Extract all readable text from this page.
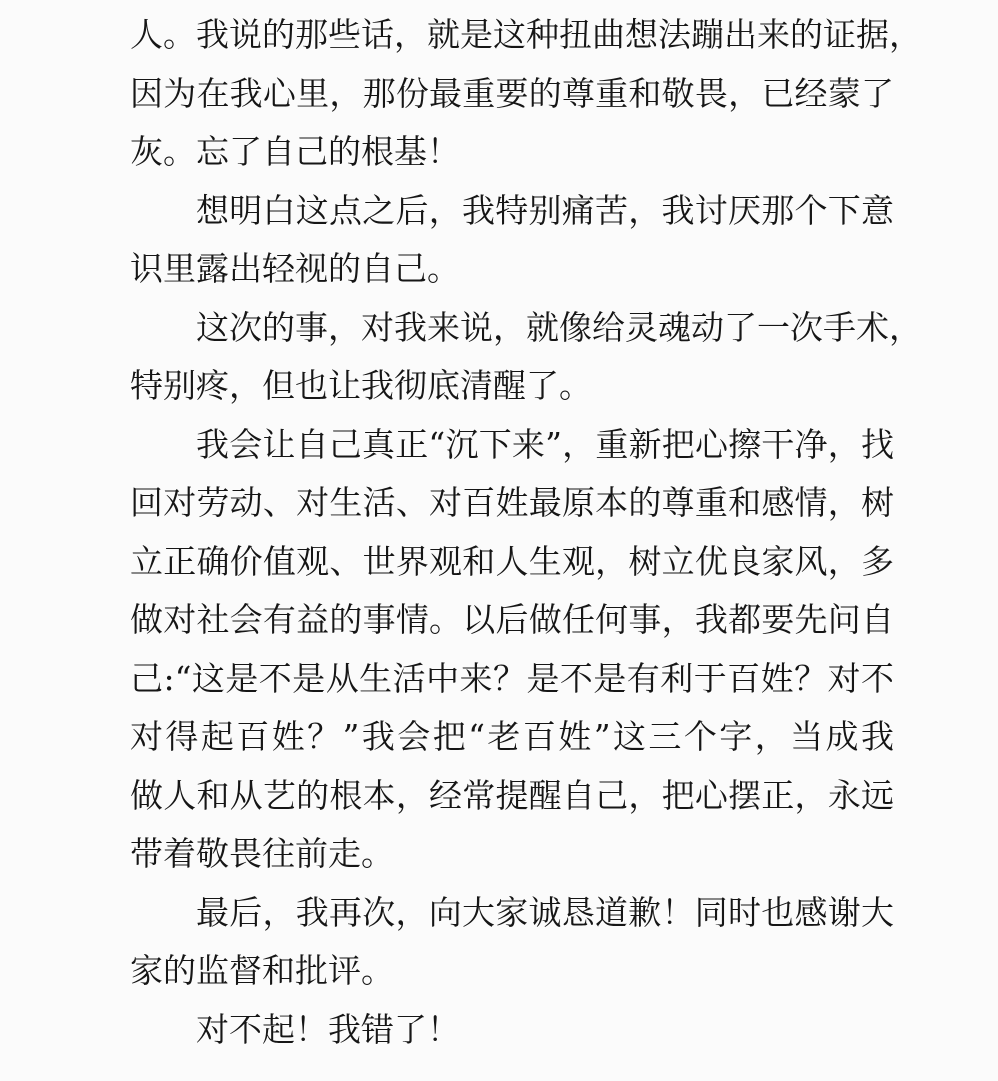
人。我说的那些话，就是这种扭曲想法蹦出来的证据，
因为在我心里，那份最重要的尊重和敬畏，已经蒙了
灰。忘了自己的根基！
想明白这点之后，我特别痛苦，我讨厌那个下意
识里露出轻视的自己。
这次的事，对我来说，就像给灵魂动了一次手术，
特别疼，但也让我彻底清醒了。
我会让自己真正“沉下来”，重新把心擦干净，找
回对劳动、对生活、对百姓最原本的尊重和感情，树
立正确价值观、世界观和人生观，树立优良家风，多
做对社会有益的事情。以后做任何事，我都要先问自
己:“这是不是从生活中来？是不是有利于百姓？对不
对得起百姓？”我会把“老百姓”这三个字，当成我
做人和从艺的根本，经常提醒自己，把心摆正，永远
带着敬畏往前走。
最后，我再次，向大家诚恳道歉！同时也感谢大
家的监督和批评。
对不起！我错了！
